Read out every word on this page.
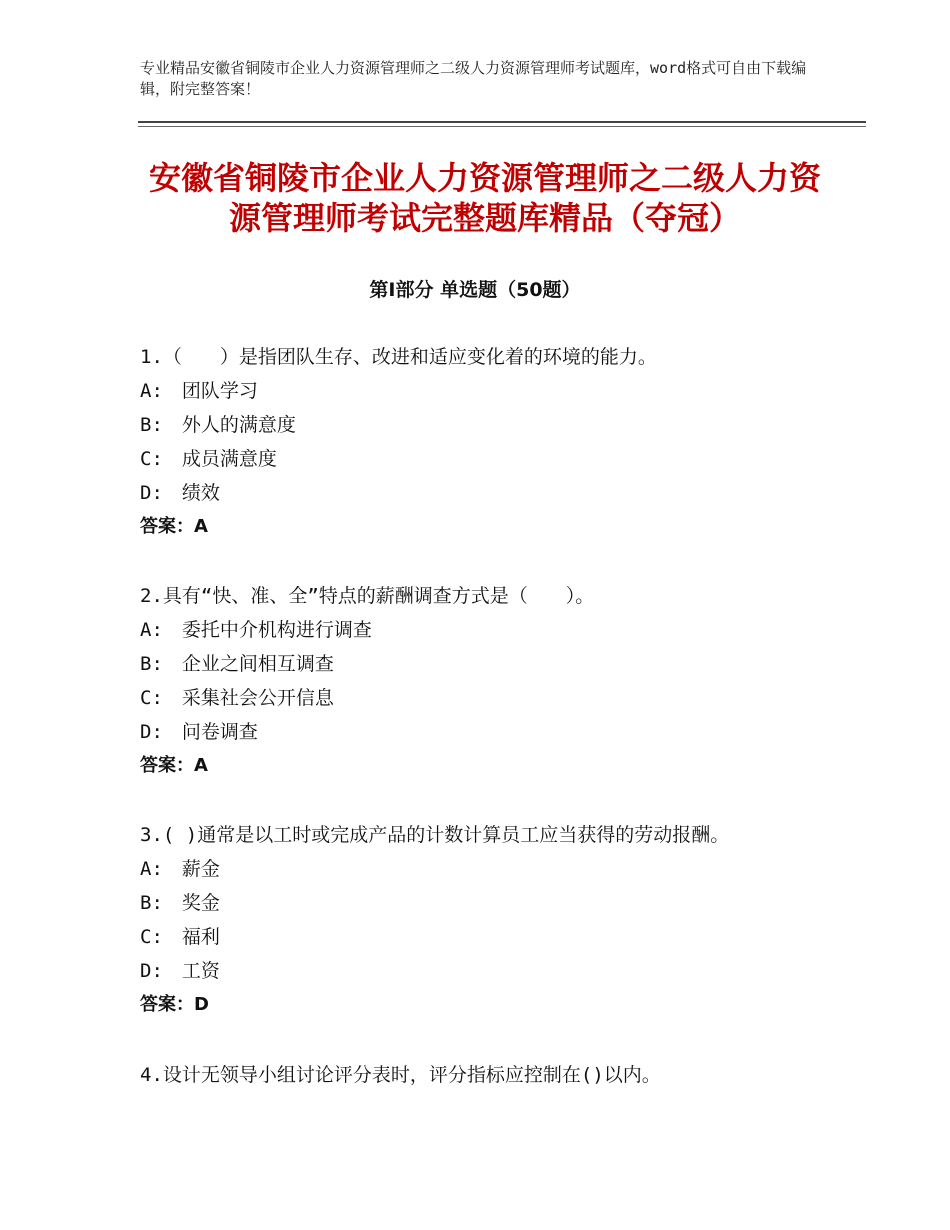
专业精品安徽省铜陵市企业人力资源管理师之二级人力资源管理师考试题库，word格式可自由下载编辑，附完整答案！
安徽省铜陵市企业人力资源管理师之二级人力资源管理师考试完整题库精品（夺冠）
第Ⅰ部分 单选题（50题）
1.（　　）是指团队生存、改进和适应变化着的环境的能力。
A:　团队学习
B:　外人的满意度
C:　成员满意度
D:　绩效
答案：A
2.具有“快、准、全”特点的薪酬调查方式是（　　）。
A:　委托中介机构进行调查
B:　企业之间相互调查
C:　采集社会公开信息
D:　问卷调查
答案：A
3.( )通常是以工时或完成产品的计数计算员工应当获得的劳动报酬。
A:　薪金
B:　奖金
C:　福利
D:　工资
答案：D
4.设计无领导小组讨论评分表时，评分指标应控制在()以内。
